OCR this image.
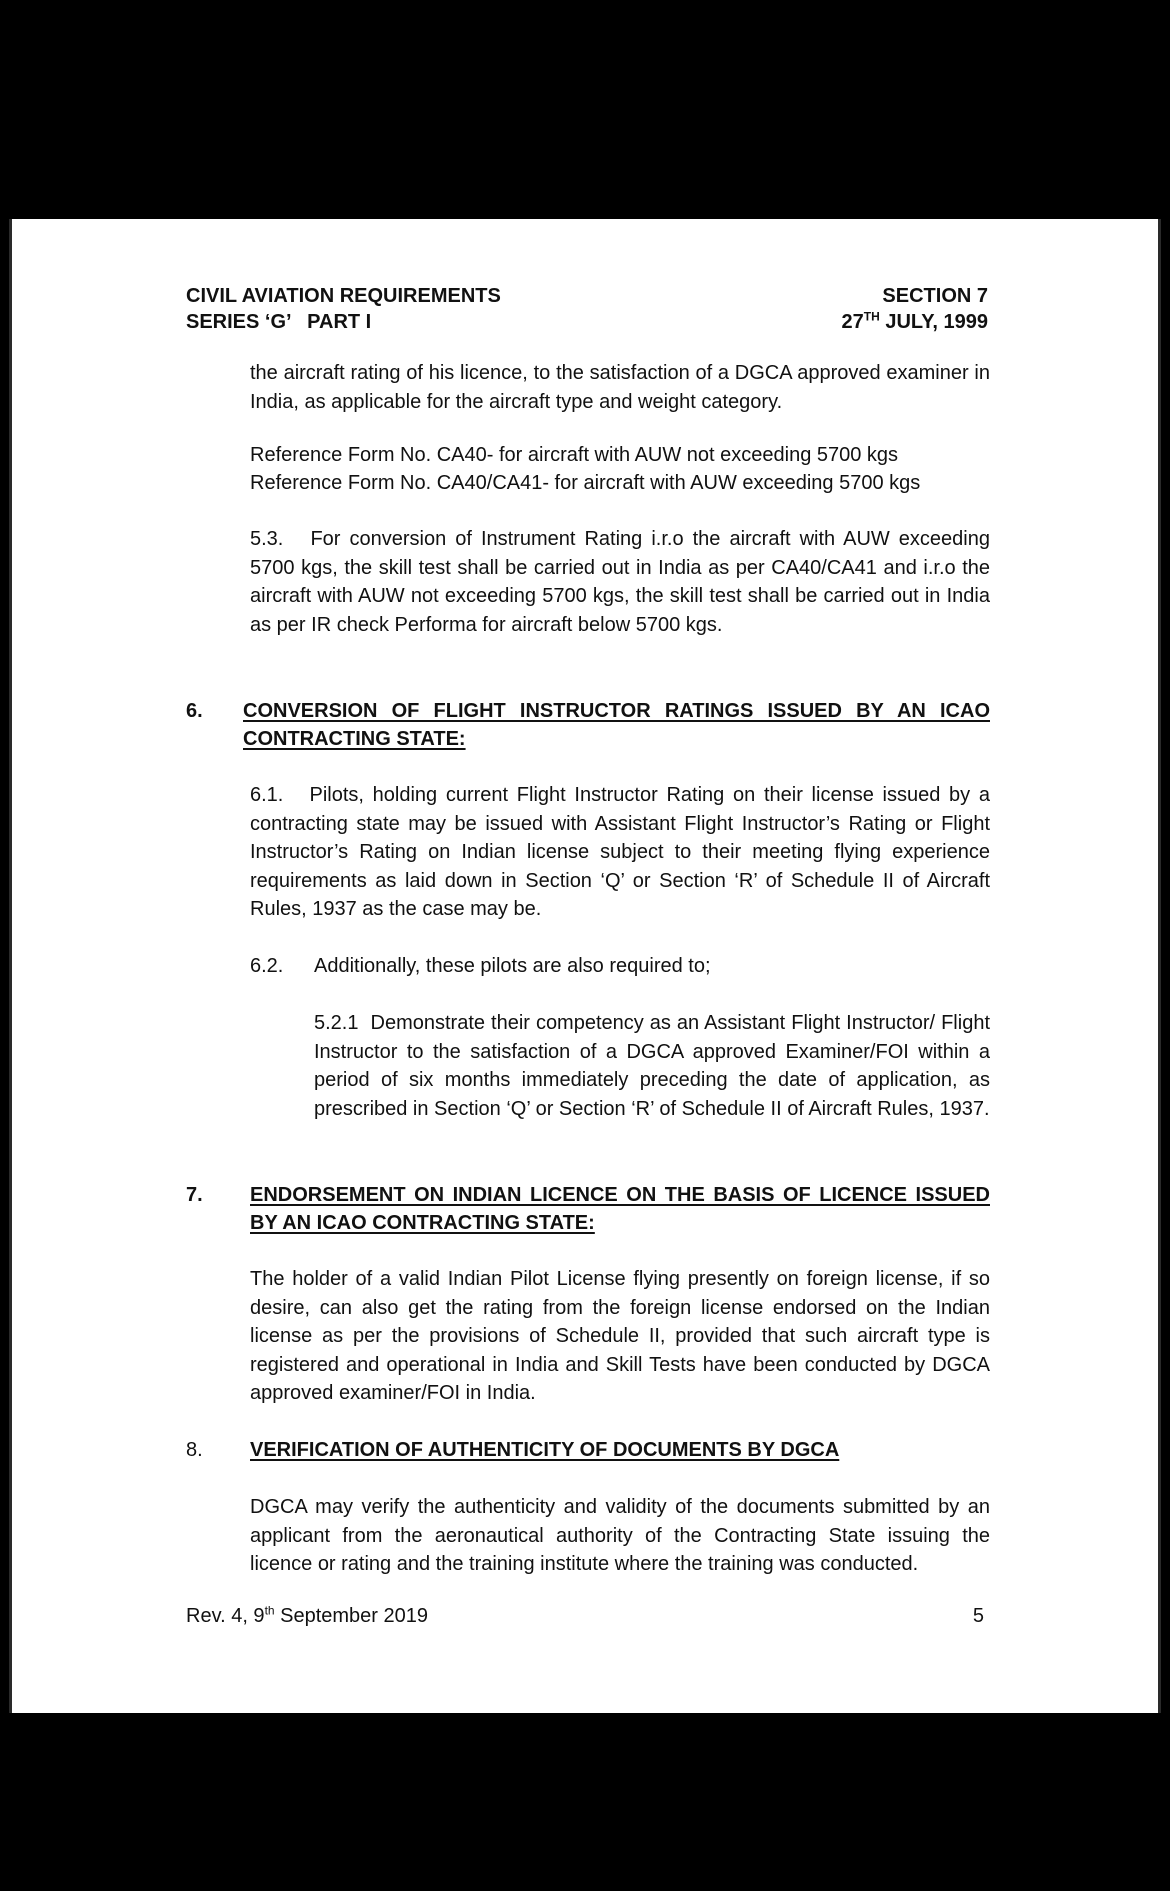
CIVIL AVIATION REQUIREMENTS
SERIES ‘G’   PART I
SECTION 7
27TH JULY, 1999
the aircraft rating of his licence, to the satisfaction of a DGCA approved examiner in India, as applicable for the aircraft type and weight category.
Reference Form No. CA40- for aircraft with AUW not exceeding 5700 kgs
Reference Form No. CA40/CA41- for aircraft with AUW exceeding 5700 kgs
5.3.   For conversion of Instrument Rating i.r.o the aircraft with AUW exceeding 5700 kgs, the skill test shall be carried out in India as per CA40/CA41 and i.r.o the aircraft with AUW not exceeding 5700 kgs, the skill test shall be carried out in India as per IR check Performa for aircraft below 5700 kgs.
6. CONVERSION OF FLIGHT INSTRUCTOR RATINGS ISSUED BY AN ICAO CONTRACTING STATE:
6.1.   Pilots, holding current Flight Instructor Rating on their license issued by a contracting state may be issued with Assistant Flight Instructor’s Rating or Flight Instructor’s Rating on Indian license subject to their meeting flying experience requirements as laid down in Section ‘Q’ or Section ‘R’ of Schedule II of Aircraft Rules, 1937 as the case may be.
6.2. Additionally, these pilots are also required to;
5.2.1  Demonstrate their competency as an Assistant Flight Instructor/ Flight Instructor to the satisfaction of a DGCA approved Examiner/FOI within a period of six months immediately preceding the date of application, as prescribed in Section ‘Q’ or Section ‘R’ of Schedule II of Aircraft Rules, 1937.
7. ENDORSEMENT ON INDIAN LICENCE ON THE BASIS OF LICENCE ISSUED BY AN ICAO CONTRACTING STATE:
The holder of a valid Indian Pilot License flying presently on foreign license, if so desire, can also get the rating from the foreign license endorsed on the Indian license as per the provisions of Schedule II, provided that such aircraft type is registered and operational in India and Skill Tests have been conducted by DGCA approved examiner/FOI in India.
8. VERIFICATION OF AUTHENTICITY OF DOCUMENTS BY DGCA
DGCA may verify the authenticity and validity of the documents submitted by an applicant from the aeronautical authority of the Contracting State issuing the licence or rating and the training institute where the training was conducted.
Rev. 4, 9th September 2019	5
